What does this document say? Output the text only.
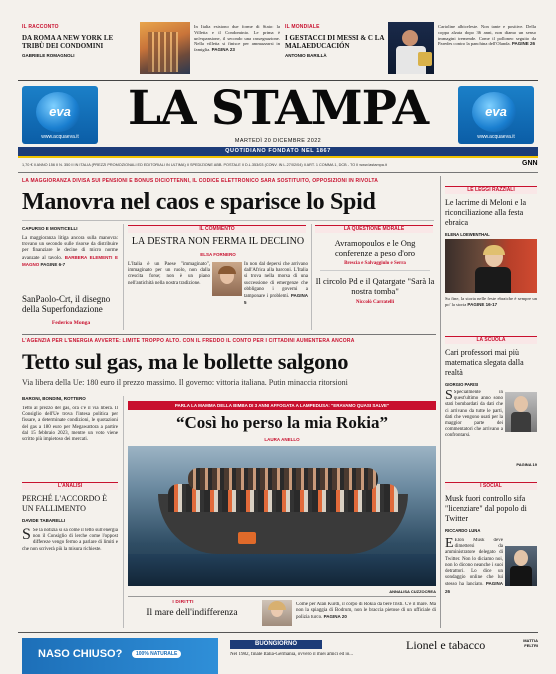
IL RACCONTO
DA ROMA A NEW YORK LE TRIBÙ DEI CONDOMINI
GABRIELE ROMAGNOLI
In Italia esistono due forme di Stato: la Villetta e il Condominio. Le prima è un'espansione, il secondo una rassegnazione. Nella villetta si finisce per ammazzarsi in famiglia. PAGINA 23
IL MONDIALE
I GESTACCI DI MESSI & C LA MALAEDUCACIÓN
ANTONIO BARILLÀ
Cartoline albiceleste. Non tante e positive. Della coppa alzata dopo 36 anni, non diamo un senso immagini tremende. Come il polloneo seguito da Paredes contro la panchina dell'Olanda. PAGINE 26
eva
www.acquaeva.it
LA STAMPA	eva
www.acquaeva.it
MARTEDÌ 20 DICEMBRE 2022
QUOTIDIANO FONDATO NEL 1867
1,70 € II ANNO 156 II N. 350 II IN ITALIA (PREZZI PROMOZIONALI ED EDITORIALI IN ULTIMA) II SPEDIZIONE ABB. POSTALE II D.L.353/03 (CONV. IN L.27/02/04) II ART. 1 COMMA 1, DCB - TO II www.lastampa.it	GNN
LA MAGGIORANZA DIVISA SUI PENSIONI E BONUS DICIOTTENNI, IL CODICE ELETTRONICO SARÀ SOSTITUITO, OPPOSIZIONI IN RIVOLTA
Manovra nel caos e sparisce lo Spid
CAPURSO E MONTICELLI
La maggioranza litiga ancora sulla manovra: trovano un secondo sulle risorse da distribuire per finanziare le decine di micro norme avanzate al tavolo. BARBERA ELEMENTI E MAGNO PAGINE 6-7
SanPaolo-Crt, il disegno della Superfondazione
Federico Monga
IL COMMENTO
LA DESTRA NON FERMA IL DECLINO
ELSA FORNERO
L'Italia è un Paese "immaginato", immaginato per un ruolo, non dalla crescita forse; non è un piano nell'antichità nella nostra tradizione.
In non dal depersi che arrivano dall'Africa alla barconi. L'Italia si trova nella morsa di una successione di emergenze che obbligano i governi a tamponare i problemi. PAGINA 5
LA QUESTIONE MORALE
Avramopoulos e le Ong conferenze a peso d'oro
Brescia e Salvaggiulo e Serra
Il circolo Pd e il Qatargate "Sarà la nostra tomba"
Niccolò Carratelli
L'AGENZIA PER L'ENERGIA AVVERTE: LIMITE TROPPO ALTO. CON IL FREDDO IL CONTO PER I CITTADINI AUMENTERÀ ANCORA
Tetto sul gas, ma le bollette salgono
Via libera della Ue: 180 euro il prezzo massimo. Il governo: vittoria italiana. Putin minaccia ritorsioni
BARONI, BONDINI, ROTTERO
Tetto al prezzo del gas, ora c'è il via libera. Il Consiglio dell'Ue trova l'intesa politica per fissare, a determinate condizioni, le quotazioni del gas a 180 euro per Megawattora a partire dal 15 febbraio 2023, mentre un voto viene scritto più impietoso dei mercati.
L'ANALISI
PERCHÉ L'ACCORDO È UN FALLIMENTO
DAVIDE TABARELLI
S Se la notizia si sa come il tetto sull'energia non il Consiglio di lerche come l'oppost differeze vengo fermo a parlare di limiti e che non scriverà più la misura richieste.
PARLA LA MAMMA DELLA BIMBA DI 3 ANNI AFFOGATA A LAMPEDUSA: "ERAVAMO QUASI SALVE"
“Così ho perso la mia Rokia”
LAURA ANELLO
ANNALISA CUZZOCREA
I DIRITTI
Il mare dell'indifferenza
Come per Alan Kurdi, il corpo di Rokia da bere tristi. C'è il mare. Ma non la spiaggia di Bodrum, non le braccia pietose di un ufficiale di polizia turco. PAGINA 20
LE LEGGI RAZZIALI
Le lacrime di Meloni e la riconciliazione alla festa ebraica
ELENA LOEWENTHAL
Su fine, la storia nelle feste ebraiche è sempre un po' la storia PAGINE 16-17
LA SCUOLA
Cari professori mai più matematica slegata dalla realtà
GIORGIO PARISI
S Specialmente in quest'ultimo anno sono stati bombardati da dati che ci arrivano da tutte le parti, dati che vengono usati per la maggior parte dei commentatori che arrivano a confrontarsi.
PAGINA 19
I SOCIAL
Musk fuori controllo sifa "licenziare" dal popolo di Twitter
RICCARDO LUNA
E Elon Musk deve dimettersi da amministratore delegato di Twitter. Non lo diciamo noi, non lo dicono neanche i suoi detrattori. Lo dice un sondaggio online che lui stesso ha lanciato. PAGINA 26
NASO CHIUSO?	100% NATURALE
BUONGIORNO
Nel 1982, finale Italia-Germania, ovvero il miei amici ed io...
Lionel e tabacco	MATTIA FELTRI
